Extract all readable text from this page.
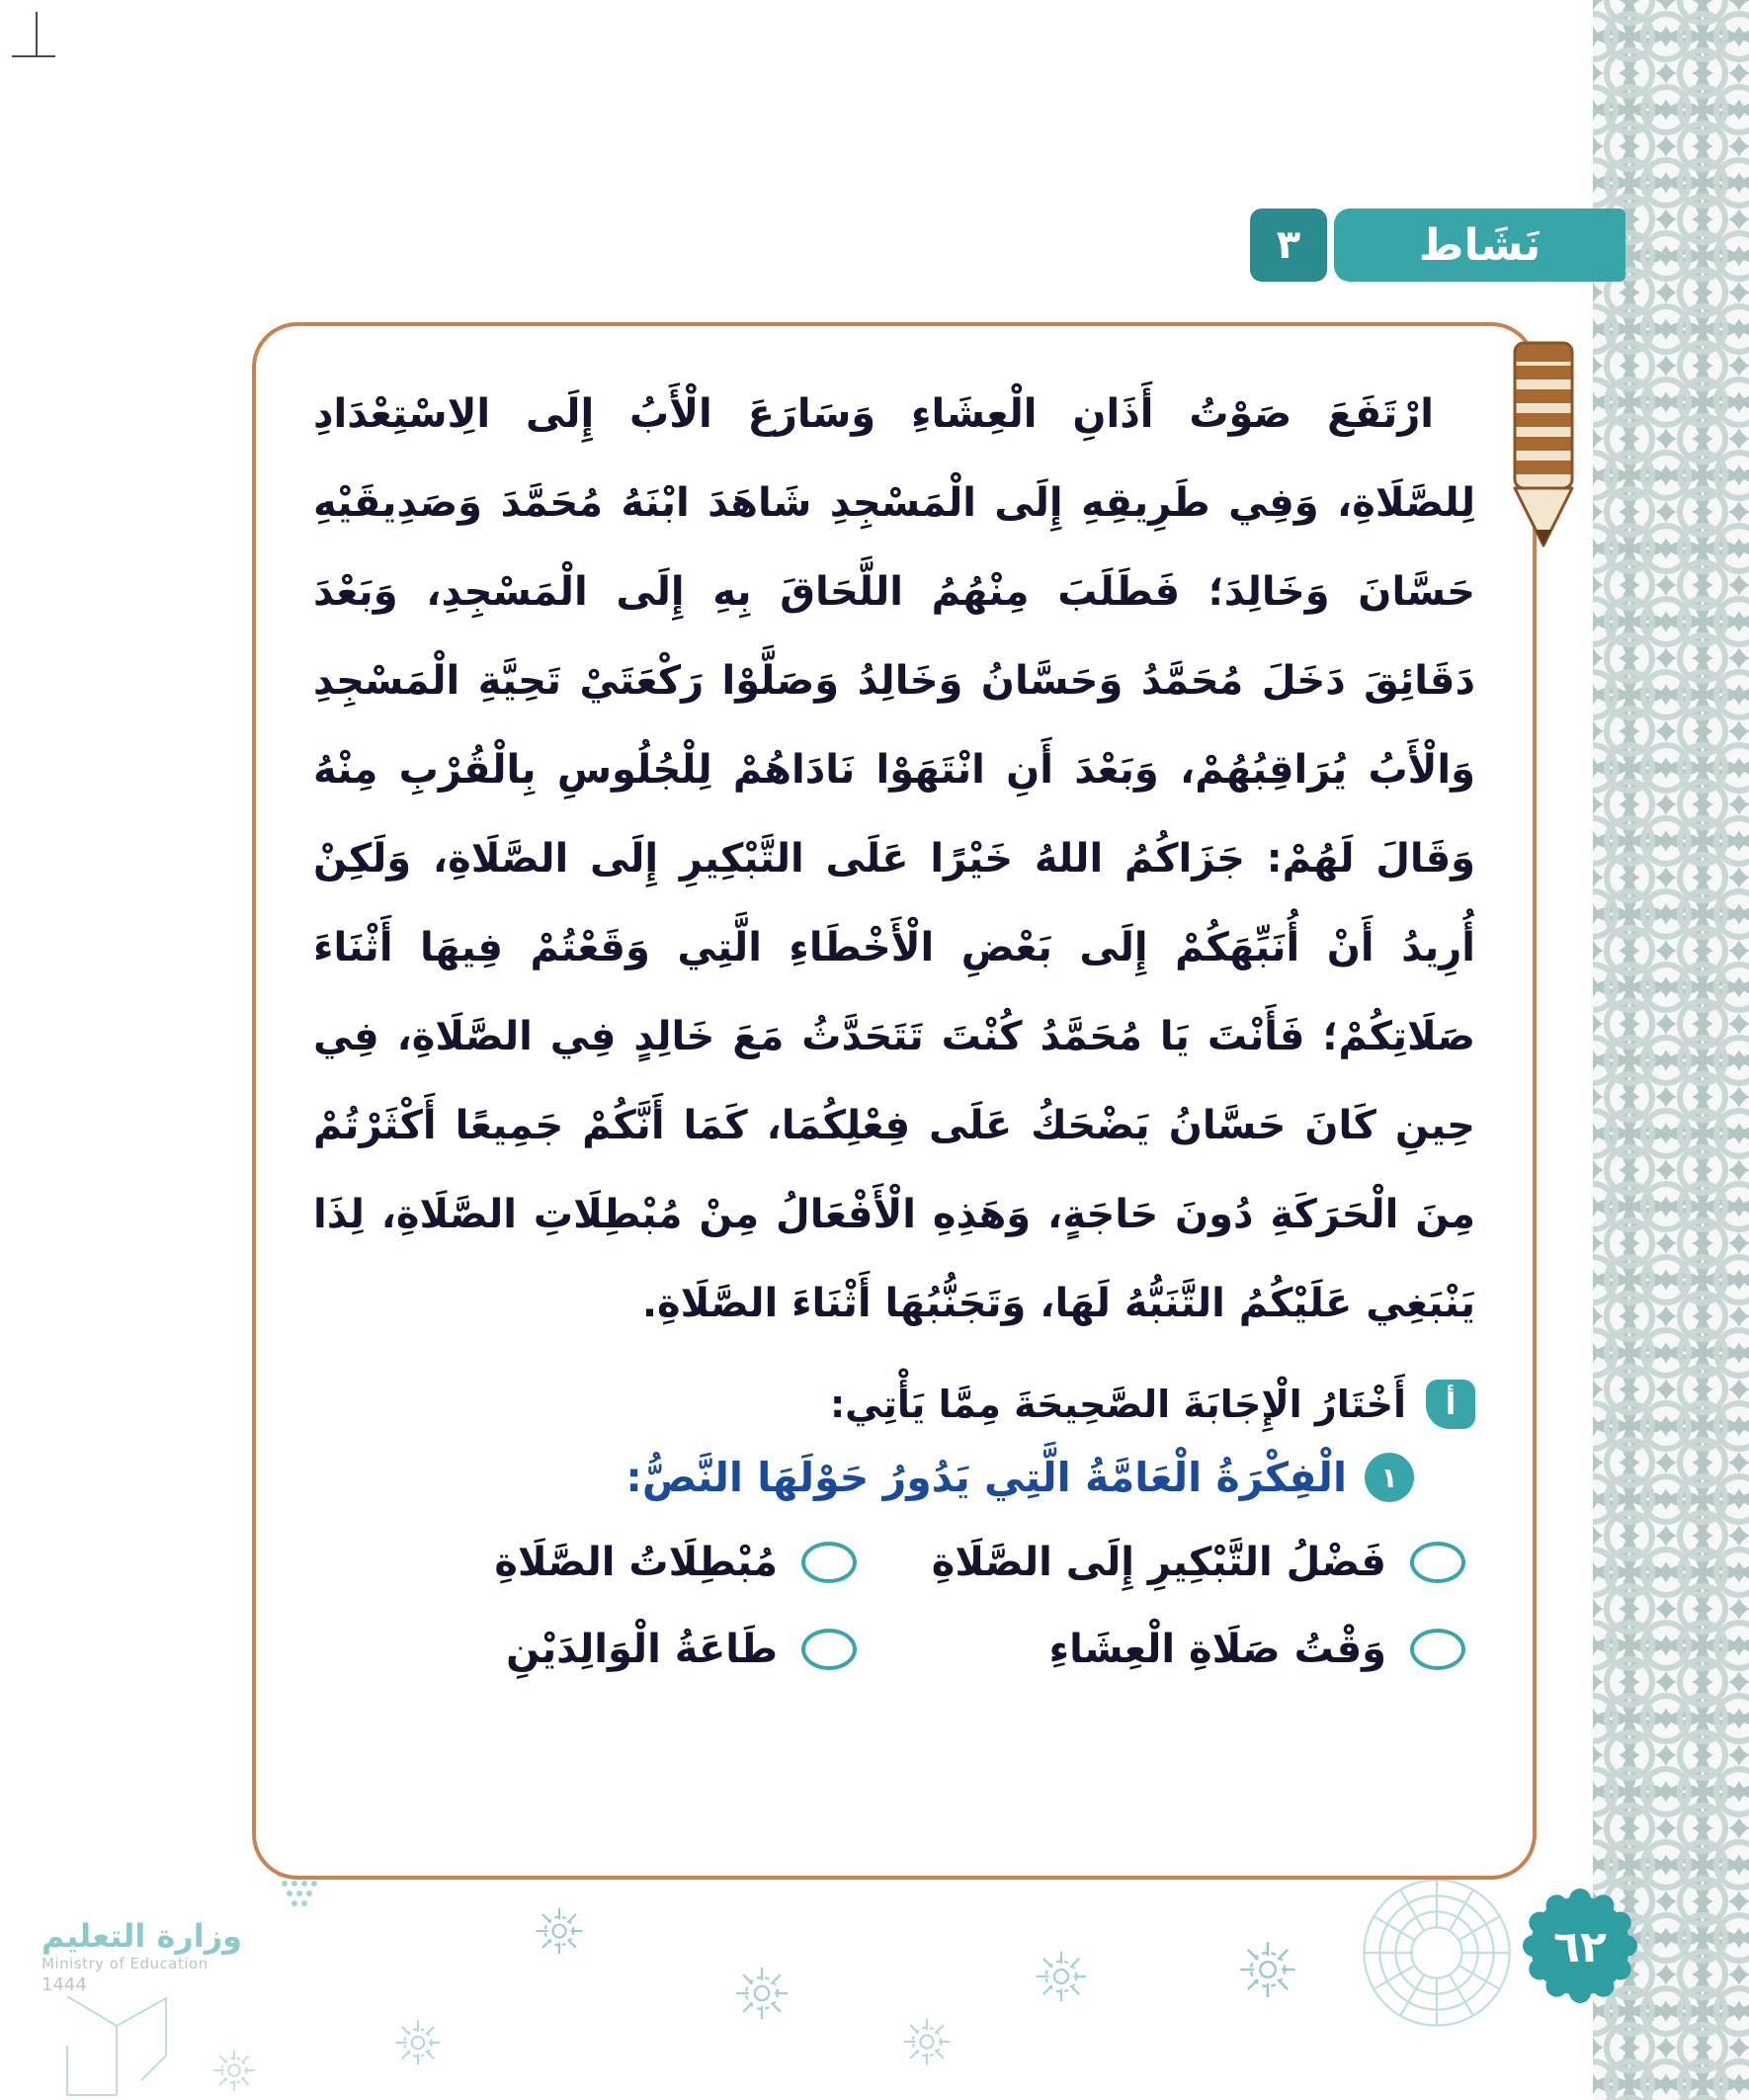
نَشَاط
٣

ارْتَفَعَ صَوْتُ أَذَانِ الْعِشَاءِ وَسَارَعَ الْأَبُ إِلَى الِاسْتِعْدَادِ لِلصَّلَاةِ، وَفِي طَرِيقِهِ إِلَى الْمَسْجِدِ شَاهَدَ ابْنَهُ مُحَمَّدَ وَصَدِيقَيْهِ حَسَّانَ وَخَالِدَ؛ فَطَلَبَ مِنْهُمُ اللَّحَاقَ بِهِ إِلَى الْمَسْجِدِ، وَبَعْدَ دَقَائِقَ دَخَلَ مُحَمَّدُ وَحَسَّانُ وَخَالِدُ وَصَلَّوْا رَكْعَتَيْ تَحِيَّةِ الْمَسْجِدِ وَالْأَبُ يُرَاقِبُهُمْ، وَبَعْدَ أَنِ انْتَهَوْا نَادَاهُمْ لِلْجُلُوسِ بِالْقُرْبِ مِنْهُ وَقَالَ لَهُمْ: جَزَاكُمُ اللهُ خَيْرًا عَلَى التَّبْكِيرِ إِلَى الصَّلَاةِ، وَلَكِنْ أُرِيدُ أَنْ أُنَبِّهَكُمْ إِلَى بَعْضِ الْأَخْطَاءِ الَّتِي وَقَعْتُمْ فِيهَا أَثْنَاءَ صَلَاتِكُمْ؛ فَأَنْتَ يَا مُحَمَّدُ كُنْتَ تَتَحَدَّثُ مَعَ خَالِدٍ فِي الصَّلَاةِ، فِي حِينِ كَانَ حَسَّانُ يَضْحَكُ عَلَى فِعْلِكُمَا، كَمَا أَنَّكُمْ جَمِيعًا أَكْثَرْتُمْ مِنَ الْحَرَكَةِ دُونَ حَاجَةٍ، وَهَذِهِ الْأَفْعَالُ مِنْ مُبْطِلَاتِ الصَّلَاةِ، لِذَا يَنْبَغِي عَلَيْكُمُ التَّنَبُّهُ لَهَا، وَتَجَنُّبُهَا أَثْنَاءَ الصَّلَاةِ.

أ
أَخْتَارُ الْإِجَابَةَ الصَّحِيحَةَ مِمَّا يَأْتِي:
١
الْفِكْرَةُ الْعَامَّةُ الَّتِي يَدُورُ حَوْلَهَا النَّصُّ:
فَضْلُ التَّبْكِيرِ إِلَى الصَّلَاةِ
مُبْطِلَاتُ الصَّلَاةِ
وَقْتُ صَلَاةِ الْعِشَاءِ
طَاعَةُ الْوَالِدَيْنِ
٦٢
وزارة التعليم
Ministry of Education
1444
